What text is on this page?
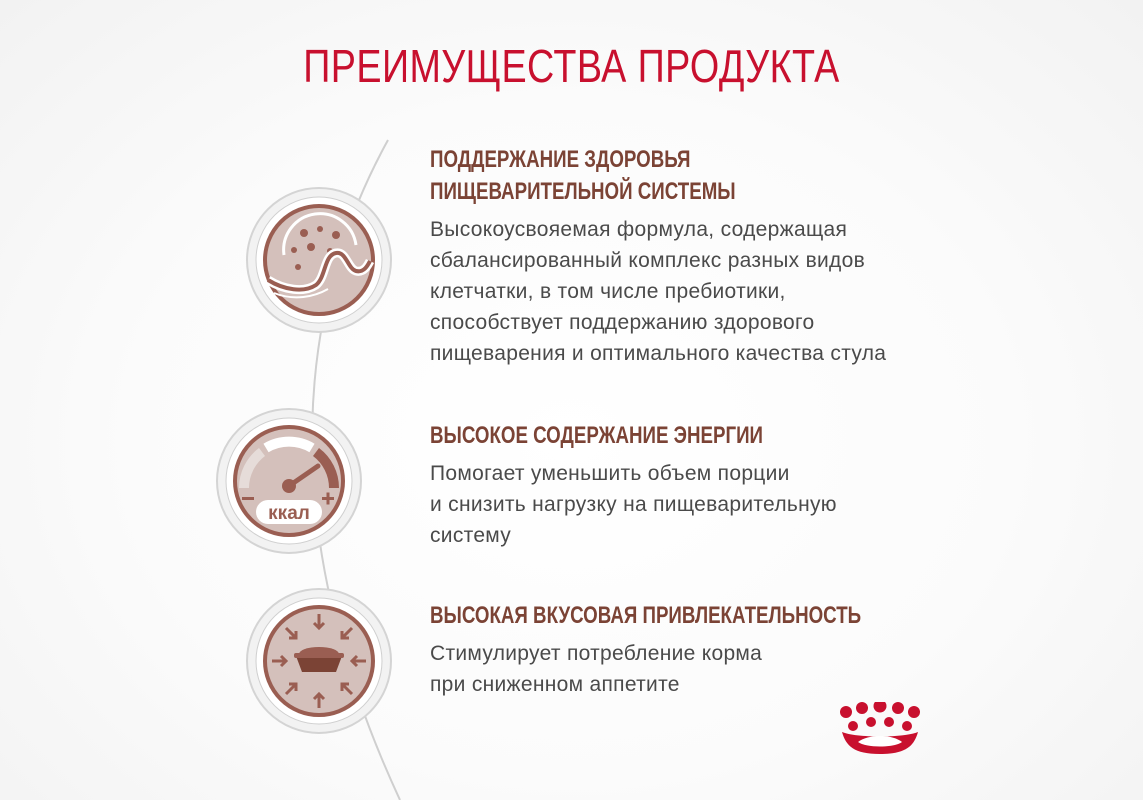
ПРЕИМУЩЕСТВА ПРОДУКТА
ккал
ПОДДЕРЖАНИЕ ЗДОРОВЬЯ
ПИЩЕВАРИТЕЛЬНОЙ СИСТЕМЫ
Высокоусвояемая формула, содержащая
сбалансированный комплекс разных видов
клетчатки, в том числе пребиотики,
способствует поддержанию здорового
пищеварения и оптимального качества стула
ВЫСОКОЕ СОДЕРЖАНИЕ ЭНЕРГИИ
Помогает уменьшить объем порции
и снизить нагрузку на пищеварительную
систему
ВЫСОКАЯ ВКУСОВАЯ ПРИВЛЕКАТЕЛЬНОСТЬ
Стимулирует потребление корма
при сниженном аппетите
